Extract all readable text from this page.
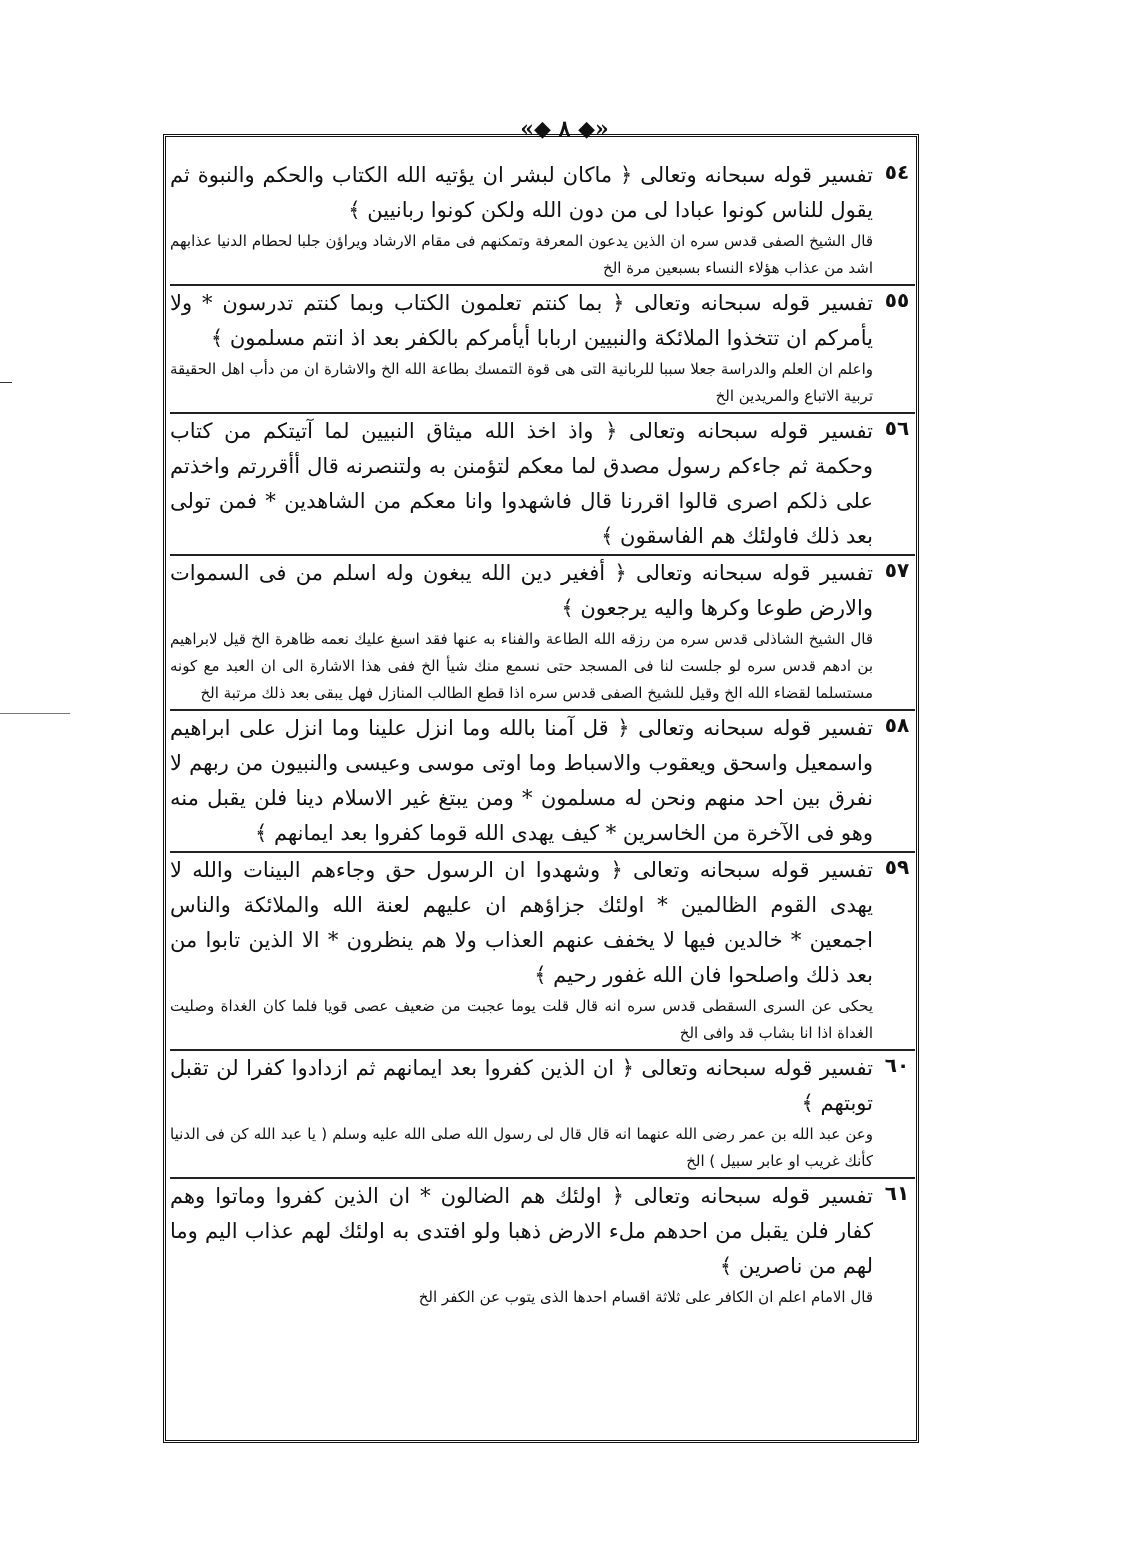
«◆ ٨ ◆»
٥٤

تفسير قوله سبحانه وتعالى ﴿ ماكان لبشر ان يؤتيه الله الكتاب والحكم والنبوة ثم يقول للناس كونوا عبادا لى من دون الله ولكن كونوا ربانيين ﴾

قال الشيخ الصفى قدس سره ان الذين يدعون المعرفة وتمكنهم فى مقام الارشاد ويراؤن جلبا لحطام الدنيا عذابهم اشد من عذاب هؤلاء النساء بسبعين مرة الخ

٥٥

تفسير قوله سبحانه وتعالى ﴿ بما كنتم تعلمون الكتاب وبما كنتم تدرسون * ولا يأمركم ان تتخذوا الملائكة والنبيين اربابا أيأمركم بالكفر بعد اذ انتم مسلمون ﴾

واعلم ان العلم والدراسة جعلا سببا للربانية التى هى قوة التمسك بطاعة الله الخ والاشارة ان من دأب اهل الحقيقة تربية الاتباع والمريدين الخ

٥٦

تفسير قوله سبحانه وتعالى ﴿ واذ اخذ الله ميثاق النبيين لما آتيتكم من كتاب وحكمة ثم جاءكم رسول مصدق لما معكم لتؤمنن به ولتنصرنه قال أأقررتم واخذتم على ذلكم اصرى قالوا اقررنا قال فاشهدوا وانا معكم من الشاهدين * فمن تولى بعد ذلك فاولئك هم الفاسقون ﴾

٥٧

تفسير قوله سبحانه وتعالى ﴿ أفغير دين الله يبغون وله اسلم من فى السموات والارض طوعا وكرها واليه يرجعون ﴾

قال الشيخ الشاذلى قدس سره من رزقه الله الطاعة والفناء به عنها فقد اسبغ عليك نعمه ظاهرة الخ قيل لابراهيم بن ادهم قدس سره لو جلست لنا فى المسجد حتى نسمع منك شيأ الخ ففى هذا الاشارة الى ان العبد مع كونه مستسلما لقضاء الله الخ وقيل للشيخ الصفى قدس سره اذا قطع الطالب المنازل فهل يبقى بعد ذلك مرتبة الخ

٥٨

تفسير قوله سبحانه وتعالى ﴿ قل آمنا بالله وما انزل علينا وما انزل على ابراهيم واسمعيل واسحق ويعقوب والاسباط وما اوتى موسى وعيسى والنبيون من ربهم لا نفرق بين احد منهم ونحن له مسلمون * ومن يبتغ غير الاسلام دينا فلن يقبل منه وهو فى الآخرة من الخاسرين * كيف يهدى الله قوما كفروا بعد ايمانهم ﴾

٥٩

تفسير قوله سبحانه وتعالى ﴿ وشهدوا ان الرسول حق وجاءهم البينات والله لا يهدى القوم الظالمين * اولئك جزاؤهم ان عليهم لعنة الله والملائكة والناس اجمعين * خالدين فيها لا يخفف عنهم العذاب ولا هم ينظرون * الا الذين تابوا من بعد ذلك واصلحوا فان الله غفور رحيم ﴾

يحكى عن السرى السقطى قدس سره انه قال قلت يوما عجبت من ضعيف عصى قويا فلما كان الغداة وصليت الغداة اذا انا بشاب قد وافى الخ

٦٠

تفسير قوله سبحانه وتعالى ﴿ ان الذين كفروا بعد ايمانهم ثم ازدادوا كفرا لن تقبل توبتهم ﴾

وعن عبد الله بن عمر رضى الله عنهما انه قال قال لى رسول الله صلى الله عليه وسلم ( يا عبد الله كن فى الدنيا كأنك غريب او عابر سبيل ) الخ

٦١

تفسير قوله سبحانه وتعالى ﴿ اولئك هم الضالون * ان الذين كفروا وماتوا وهم كفار فلن يقبل من احدهم ملء الارض ذهبا ولو افتدى به اولئك لهم عذاب اليم وما لهم من ناصرين ﴾

قال الامام اعلم ان الكافر على ثلاثة اقسام احدها الذى يتوب عن الكفر الخ
